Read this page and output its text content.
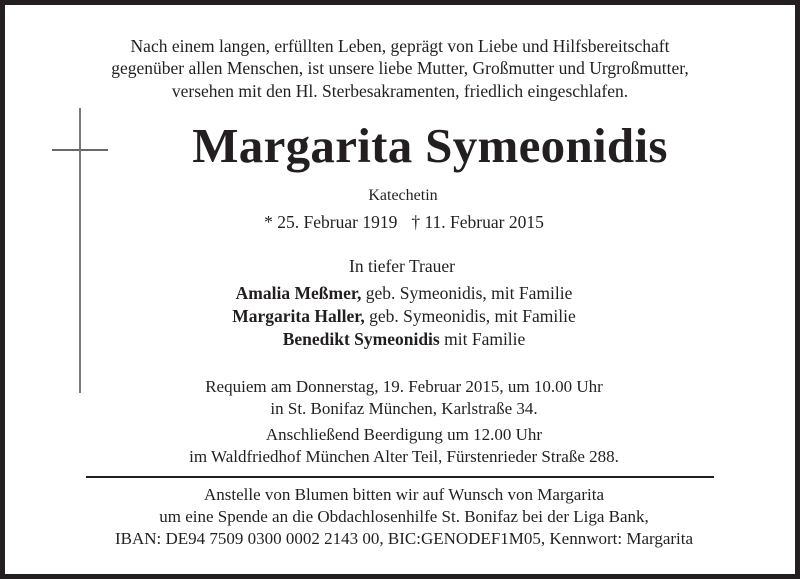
Nach einem langen, erfüllten Leben, geprägt von Liebe und Hilfsbereitschaft
gegenüber allen Menschen, ist unsere liebe Mutter, Großmutter und Urgroßmutter,
versehen mit den Hl. Sterbesakramenten, friedlich eingeschlafen.
Margarita Symeonidis
Katechetin
* 25. Februar 1919 † 11. Februar 2015
In tiefer Trauer
Amalia Meßmer, geb. Symeonidis, mit Familie
Margarita Haller, geb. Symeonidis, mit Familie
Benedikt Symeonidis mit Familie
Requiem am Donnerstag, 19. Februar 2015, um 10.00 Uhr
in St. Bonifaz München, Karlstraße 34.
Anschließend Beerdigung um 12.00 Uhr
im Waldfriedhof München Alter Teil, Fürstenrieder Straße 288.
Anstelle von Blumen bitten wir auf Wunsch von Margarita
um eine Spende an die Obdachlosenhilfe St. Bonifaz bei der Liga Bank,
IBAN: DE94 7509 0300 0002 2143 00, BIC:GENODEF1M05, Kennwort: Margarita
